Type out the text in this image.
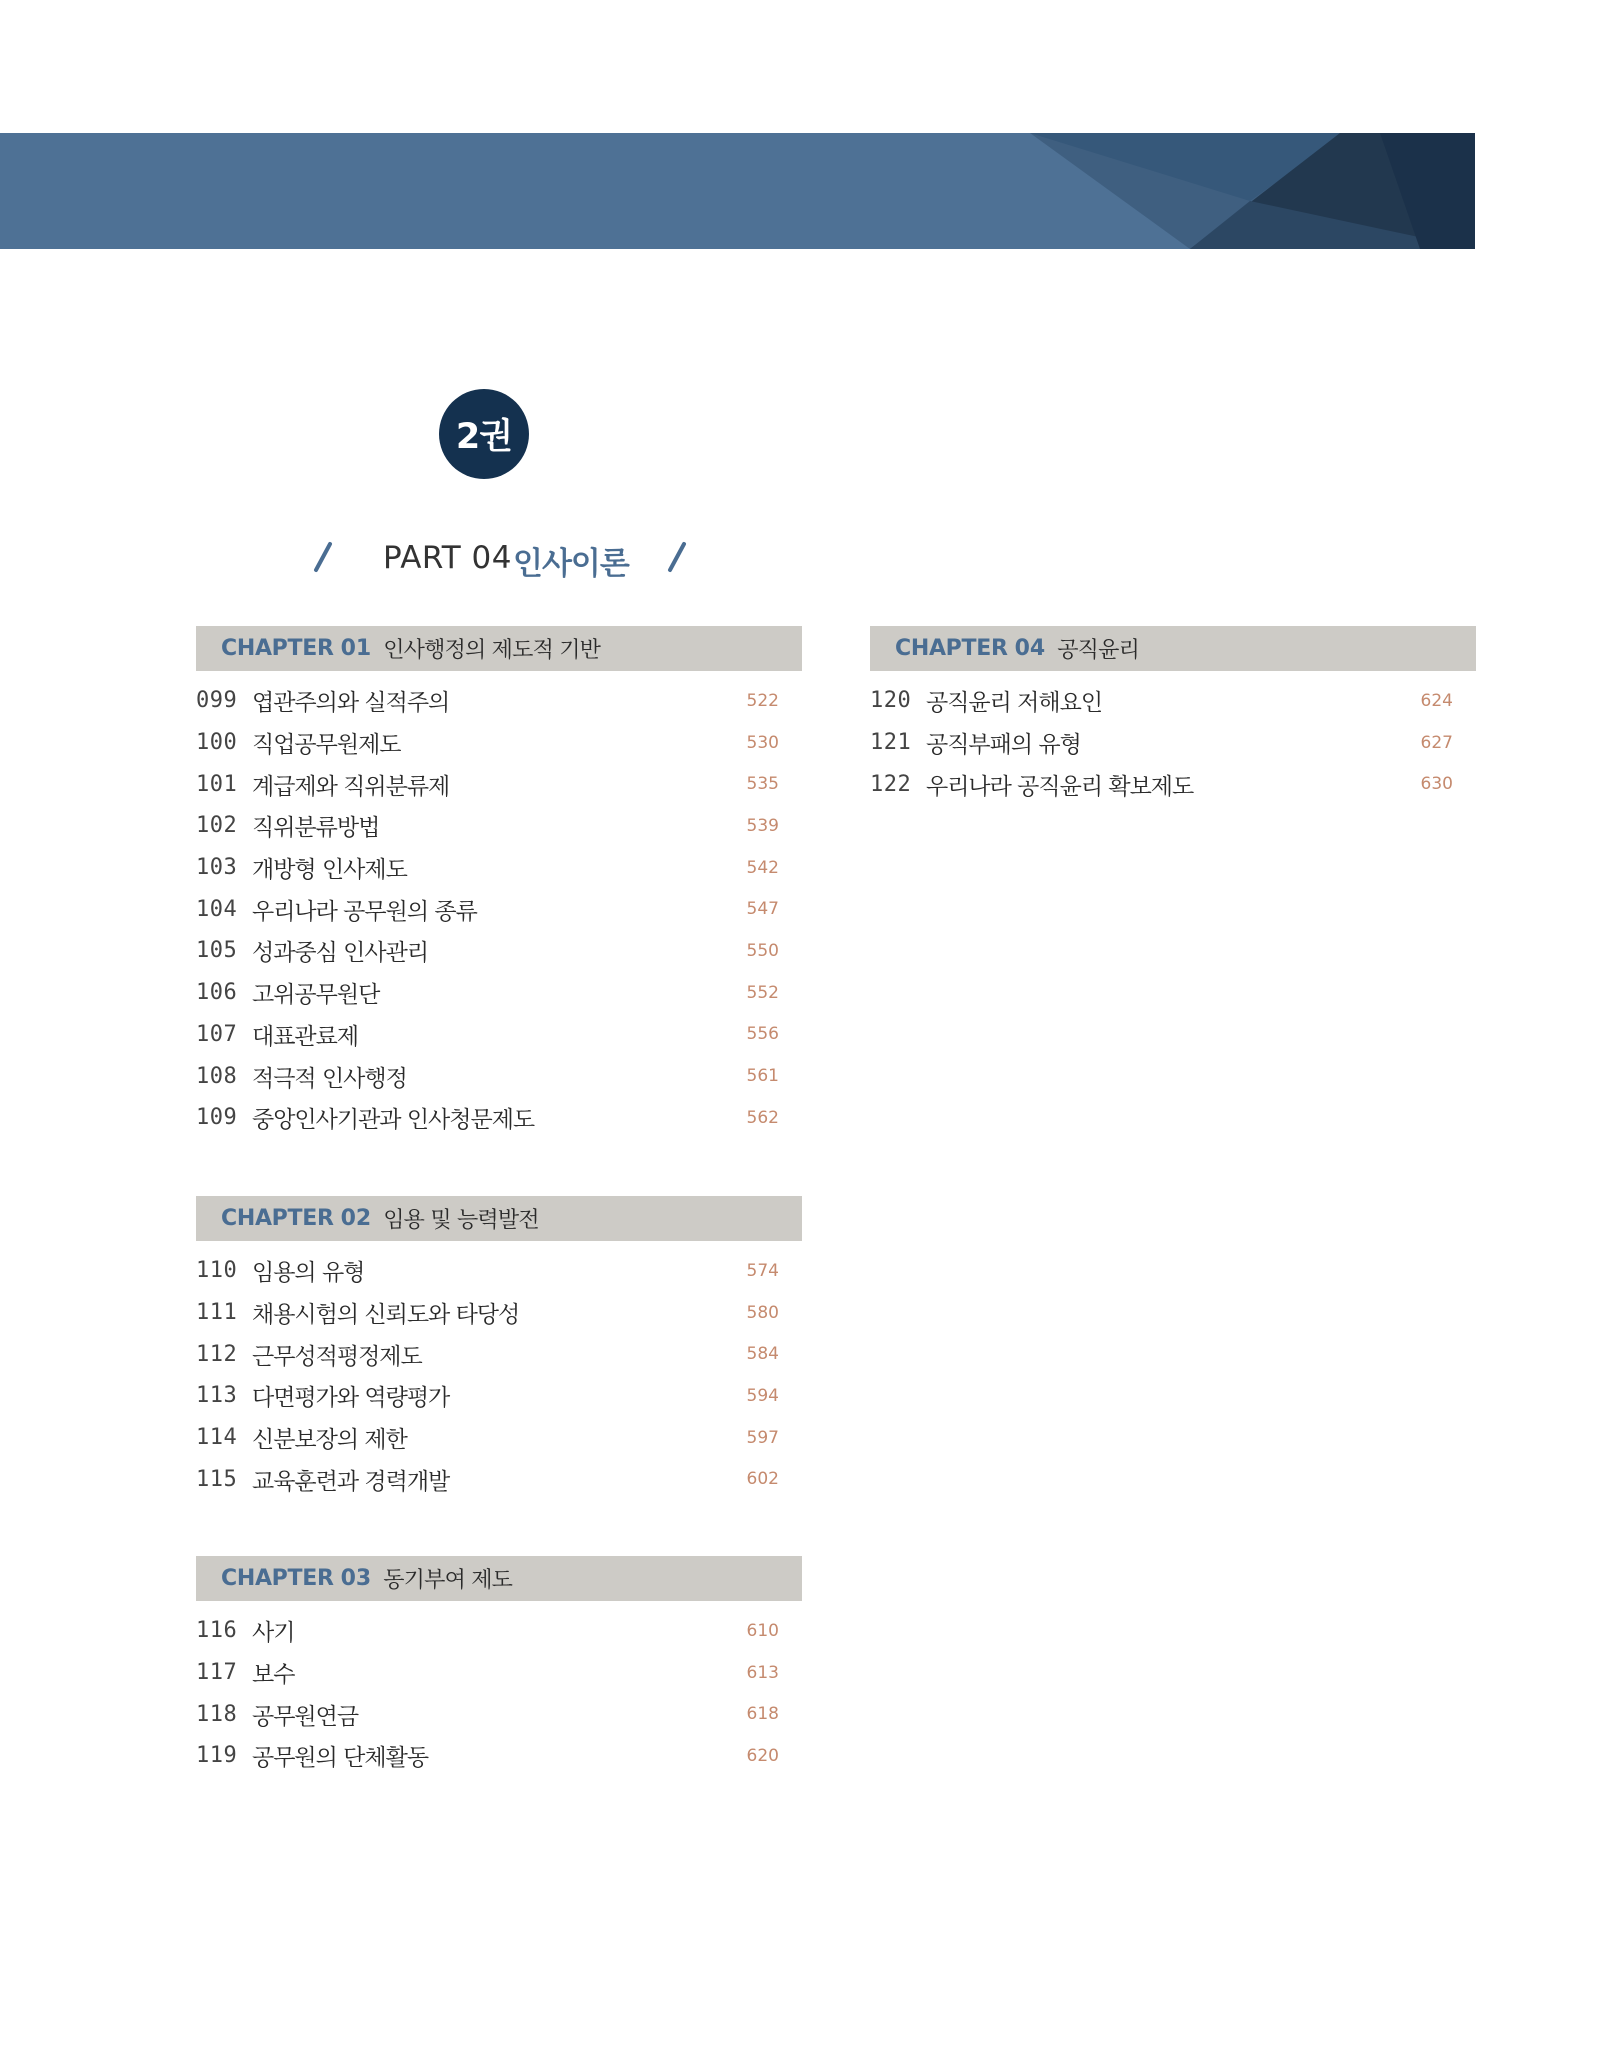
2권
PART 04 인사이론
CHAPTER 01 인사행정의 제도적 기반
099 엽관주의와 실적주의	522
100 직업공무원제도	530
101 계급제와 직위분류제	535
102 직위분류방법	539
103 개방형 인사제도	542
104 우리나라 공무원의 종류	547
105 성과중심 인사관리	550
106 고위공무원단	552
107 대표관료제	556
108 적극적 인사행정	561
109 중앙인사기관과 인사청문제도	562
CHAPTER 02 임용 및 능력발전
110 임용의 유형	574
111 채용시험의 신뢰도와 타당성	580
112 근무성적평정제도	584
113 다면평가와 역량평가	594
114 신분보장의 제한	597
115 교육훈련과 경력개발	602
CHAPTER 03 동기부여 제도
116 사기	610
117 보수	613
118 공무원연금	618
119 공무원의 단체활동	620
CHAPTER 04 공직윤리
120 공직윤리 저해요인	624
121 공직부패의 유형	627
122 우리나라 공직윤리 확보제도	630
